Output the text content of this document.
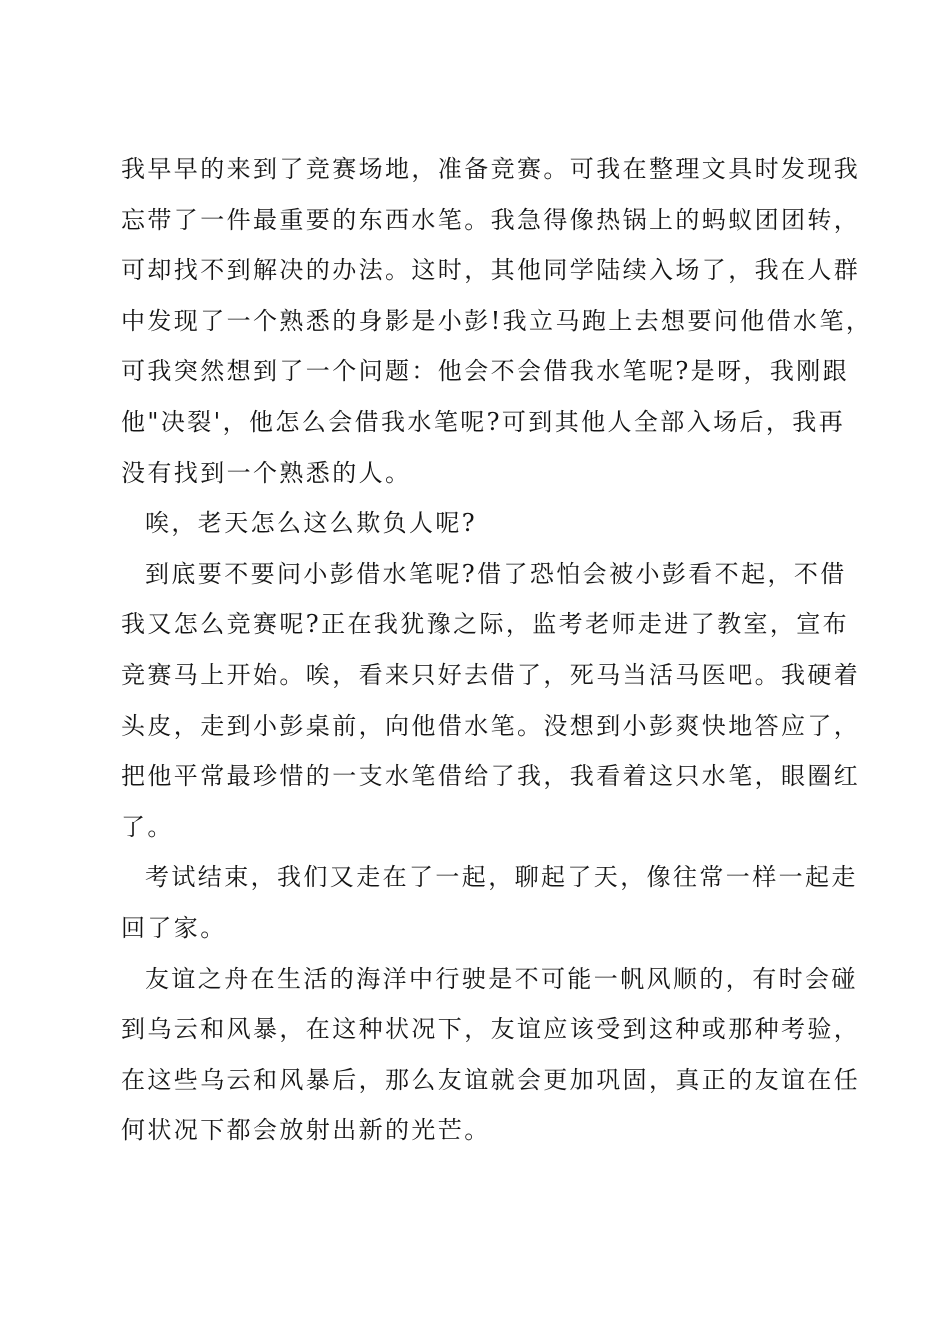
我早早的来到了竞赛场地，准备竞赛。可我在整理文具时发现我
忘带了一件最重要的东西水笔。我急得像热锅上的蚂蚁团团转，
可却找不到解决的办法。这时，其他同学陆续入场了，我在人群
中发现了一个熟悉的身影是小彭!我立马跑上去想要问他借水笔，
可我突然想到了一个问题：他会不会借我水笔呢?是呀，我刚跟
他"决裂'，他怎么会借我水笔呢?可到其他人全部入场后，我再
没有找到一个熟悉的人。
唉，老天怎么这么欺负人呢?
到底要不要问小彭借水笔呢?借了恐怕会被小彭看不起，不借
我又怎么竞赛呢?正在我犹豫之际，监考老师走进了教室，宣布
竞赛马上开始。唉，看来只好去借了，死马当活马医吧。我硬着
头皮，走到小彭桌前，向他借水笔。没想到小彭爽快地答应了，
把他平常最珍惜的一支水笔借给了我，我看着这只水笔，眼圈红
了。
考试结束，我们又走在了一起，聊起了天，像往常一样一起走
回了家。
友谊之舟在生活的海洋中行驶是不可能一帆风顺的，有时会碰
到乌云和风暴，在这种状况下，友谊应该受到这种或那种考验，
在这些乌云和风暴后，那么友谊就会更加巩固，真正的友谊在任
何状况下都会放射出新的光芒。
